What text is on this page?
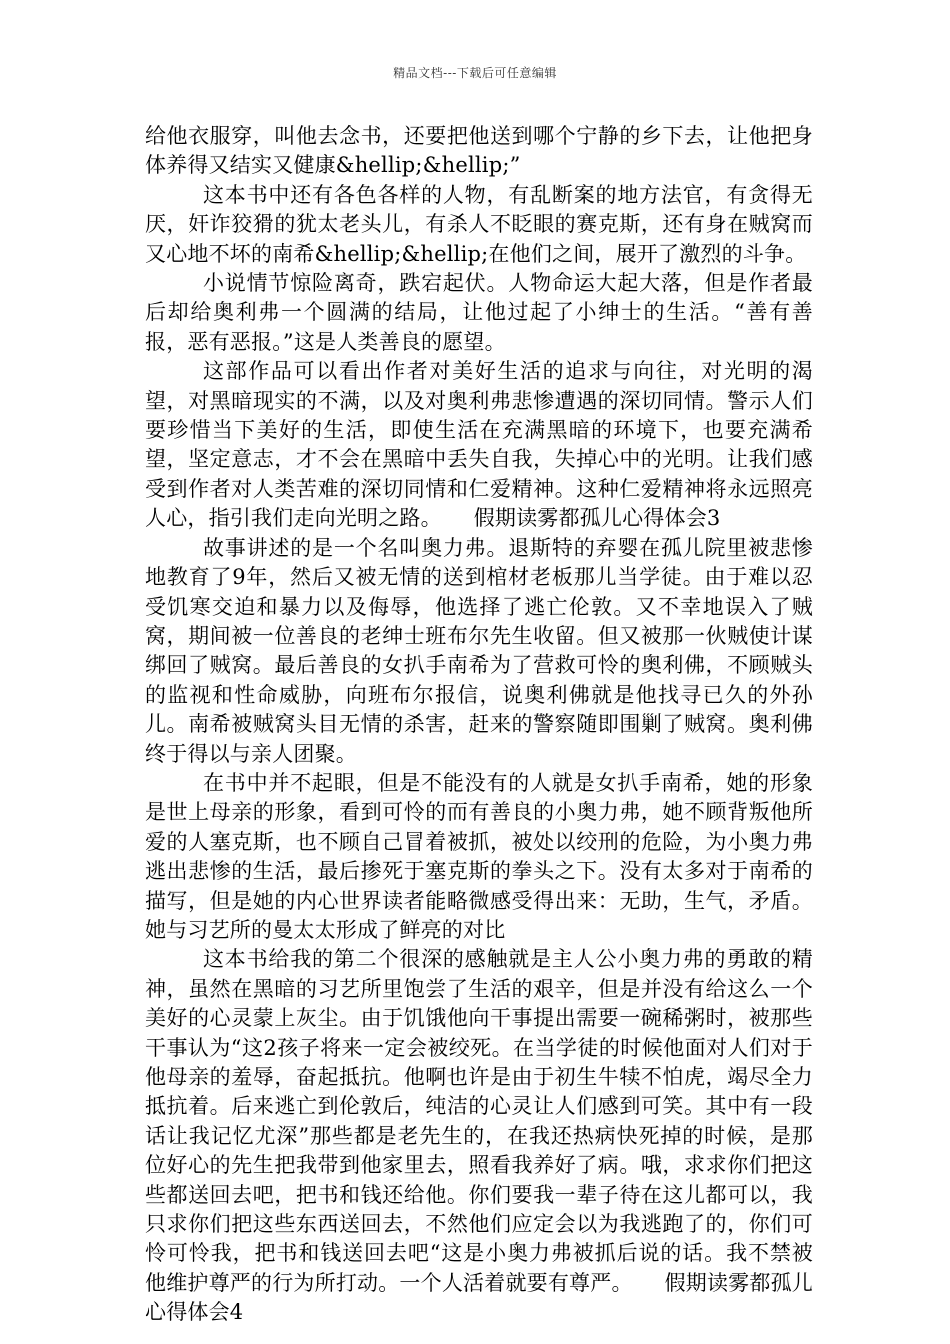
精品文档---下载后可任意编辑

给他衣服穿，叫他去念书，还要把他送到哪个宁静的乡下去，让他把身体养得又结实又健康&hellip;&hellip;”

这本书中还有各色各样的人物，有乱断案的地方法官，有贪得无厌，奸诈狡猾的犹太老头儿，有杀人不眨眼的赛克斯，还有身在贼窝而又心地不坏的南希&hellip;&hellip;在他们之间，展开了激烈的斗争。

小说情节惊险离奇，跌宕起伏。人物命运大起大落，但是作者最后却给奥利弗一个圆满的结局，让他过起了小绅士的生活。“善有善报，恶有恶报。”这是人类善良的愿望。

这部作品可以看出作者对美好生活的追求与向往，对光明的渴望，对黑暗现实的不满，以及对奥利弗悲惨遭遇的深切同情。警示人们要珍惜当下美好的生活，即使生活在充满黑暗的环境下，也要充满希望，坚定意志，才不会在黑暗中丢失自我，失掉心中的光明。让我们感受到作者对人类苦难的深切同情和仁爱精神。这种仁爱精神将永远照亮人心，指引我们走向光明之路。　　假期读雾都孤儿心得体会3

故事讲述的是一个名叫奥力弗。退斯特的弃婴在孤儿院里被悲惨地教育了9年，然后又被无情的送到棺材老板那儿当学徒。由于难以忍受饥寒交迫和暴力以及侮辱，他选择了逃亡伦敦。又不幸地误入了贼窝，期间被一位善良的老绅士班布尔先生收留。但又被那一伙贼使计谋绑回了贼窝。最后善良的女扒手南希为了营救可怜的奥利佛，不顾贼头的监视和性命威胁，向班布尔报信，说奥利佛就是他找寻已久的外孙儿。南希被贼窝头目无情的杀害，赶来的警察随即围剿了贼窝。奥利佛终于得以与亲人团聚。

在书中并不起眼，但是不能没有的人就是女扒手南希，她的形象是世上母亲的形象，看到可怜的而有善良的小奥力弗，她不顾背叛他所爱的人塞克斯，也不顾自己冒着被抓，被处以绞刑的危险，为小奥力弗逃出悲惨的生活，最后掺死于塞克斯的拳头之下。没有太多对于南希的描写，但是她的内心世界读者能略微感受得出来：无助，生气，矛盾。她与习艺所的曼太太形成了鲜亮的对比

这本书给我的第二个很深的感触就是主人公小奥力弗的勇敢的精神，虽然在黑暗的习艺所里饱尝了生活的艰辛，但是并没有给这么一个美好的心灵蒙上灰尘。由于饥饿他向干事提出需要一碗稀粥时，被那些干事认为“这2孩子将来一定会被绞死。在当学徒的时候他面对人们对于他母亲的羞辱，奋起抵抗。他啊也许是由于初生牛犊不怕虎，竭尽全力抵抗着。后来逃亡到伦敦后，纯洁的心灵让人们感到可笑。其中有一段话让我记忆尤深”那些都是老先生的，在我还热病快死掉的时候，是那位好心的先生把我带到他家里去，照看我养好了病。哦，求求你们把这些都送回去吧，把书和钱还给他。你们要我一辈子待在这儿都可以，我只求你们把这些东西送回去，不然他们应定会以为我逃跑了的，你们可怜可怜我，把书和钱送回去吧“这是小奥力弗被抓后说的话。我不禁被他维护尊严的行为所打动。一个人活着就要有尊严。　　假期读雾都孤儿心得体会4
